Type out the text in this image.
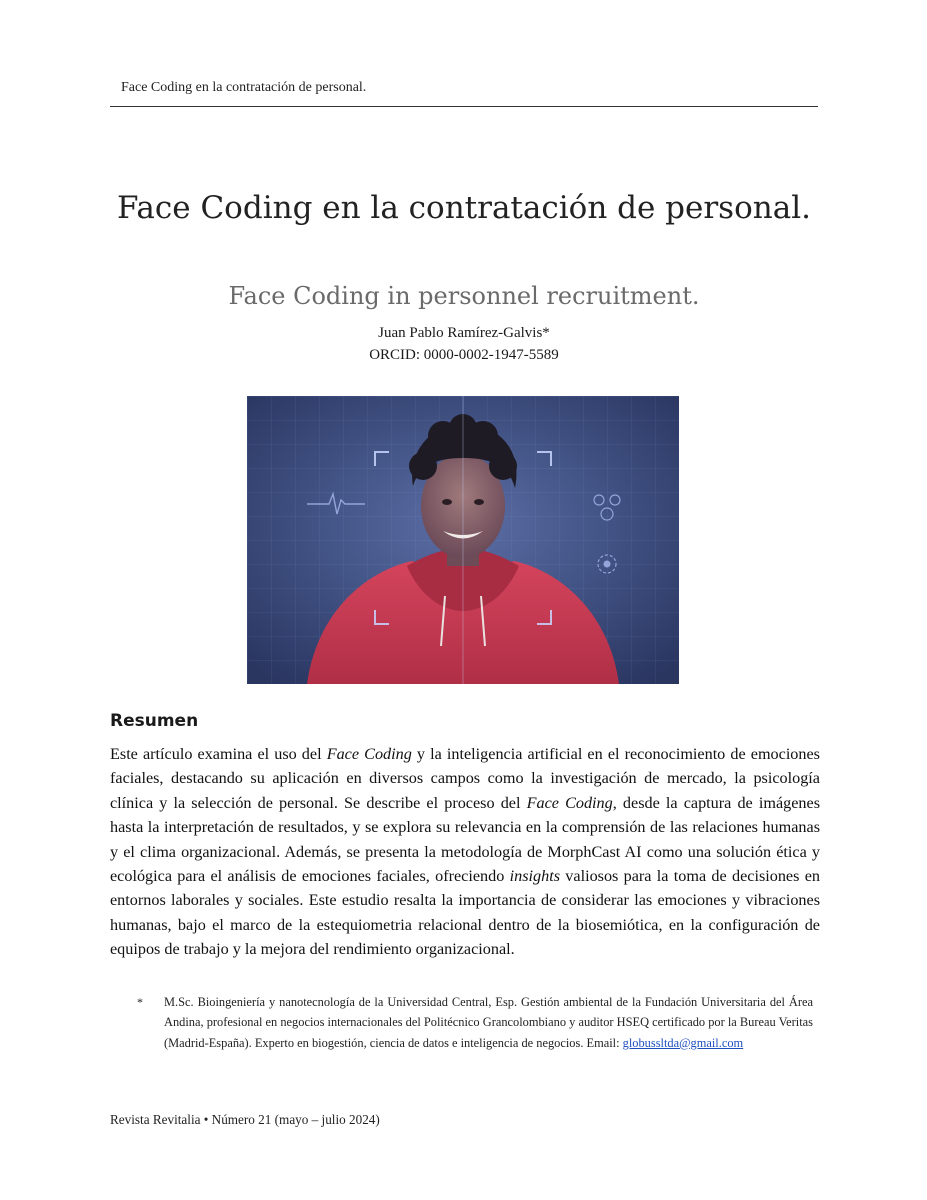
Face Coding en la contratación de personal.
Face Coding en la contratación de personal.
Face Coding in personnel recruitment.
Juan Pablo Ramírez-Galvis*
ORCID: 0000-0002-1947-5589
Resumen

Este artículo examina el uso del Face Coding y la inteligencia artificial en el reconocimiento de emociones faciales, destacando su aplicación en diversos campos como la investigación de mercado, la psicología clínica y la selección de personal. Se describe el proceso del Face Coding, desde la captura de imágenes hasta la interpretación de resultados, y se explora su relevancia en la comprensión de las relaciones humanas y el clima organizacional. Además, se presenta la metodología de MorphCast AI como una solución ética y ecológica para el análisis de emociones faciales, ofreciendo insights valiosos para la toma de decisiones en entornos laborales y sociales. Este estudio resalta la importancia de considerar las emociones y vibraciones humanas, bajo el marco de la estequiometria relacional dentro de la biosemiótica, en la configuración de equipos de trabajo y la mejora del rendimiento organizacional.

* M.Sc. Bioingeniería y nanotecnología de la Universidad Central, Esp. Gestión ambiental de la Fundación Universitaria del Área Andina, profesional en negocios internacionales del Politécnico Grancolombiano y auditor HSEQ certificado por la Bureau Veritas (Madrid-España). Experto en biogestión, ciencia de datos e inteligencia de negocios. Email: globussltda@gmail.com
Revista Revitalia • Número 21 (mayo – julio 2024)
